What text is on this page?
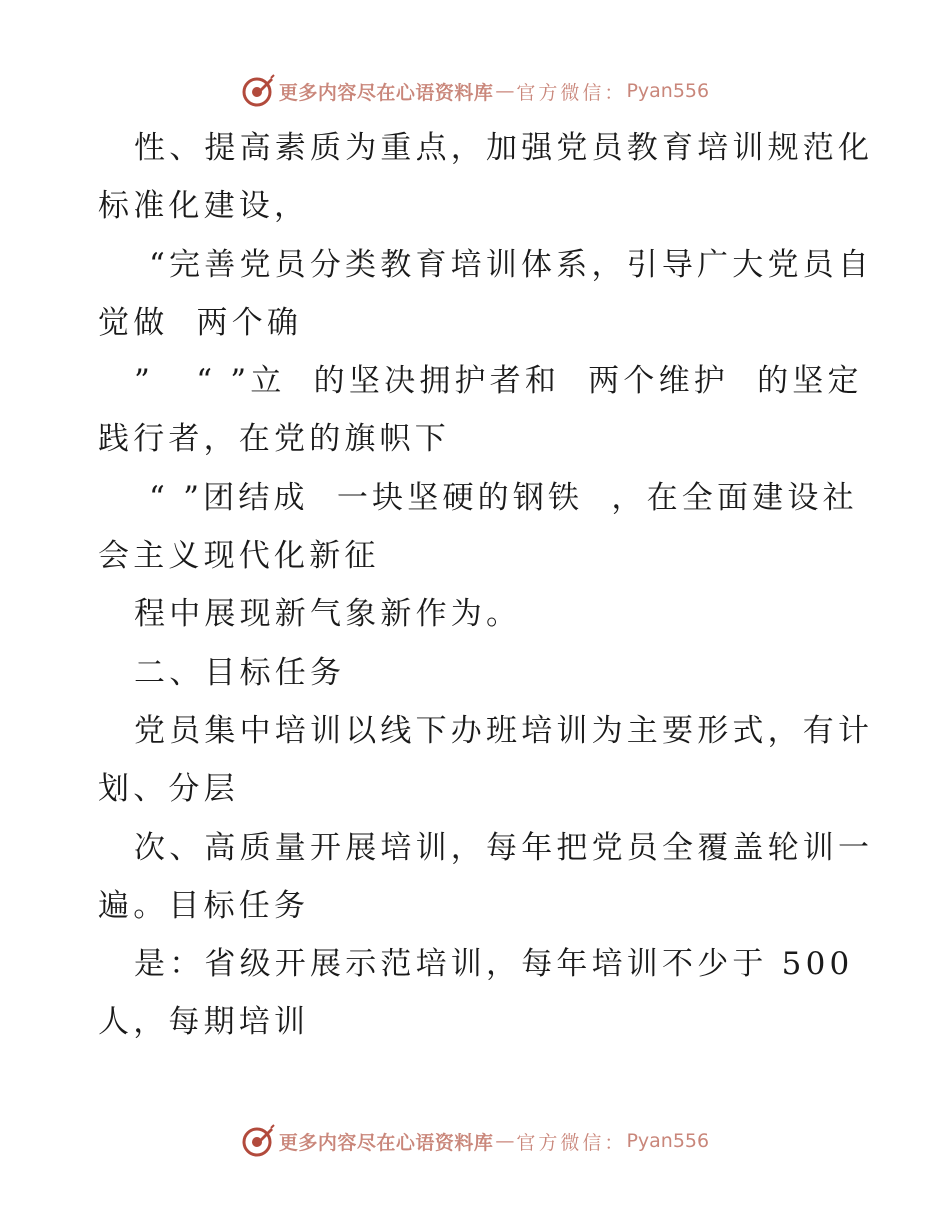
更多内容尽在心语资料库 — 官方微信： Pyan556
性、提高素质为重点，加强党员教育培训规范化
标准化建设，
“完善党员分类教育培训体系，引导广大党员自
觉做  两个确
”   “ ”立  的坚决拥护者和  两个维护  的坚定
践行者，在党的旗帜下
“ ”团结成  一块坚硬的钢铁  ，在全面建设社
会主义现代化新征
程中展现新气象新作为。
二、目标任务
党员集中培训以线下办班培训为主要形式，有计
划、分层
次、高质量开展培训，每年把党员全覆盖轮训一
遍。目标任务
是：省级开展示范培训，每年培训不少于 500
人，每期培训
更多内容尽在心语资料库 — 官方微信： Pyan556
